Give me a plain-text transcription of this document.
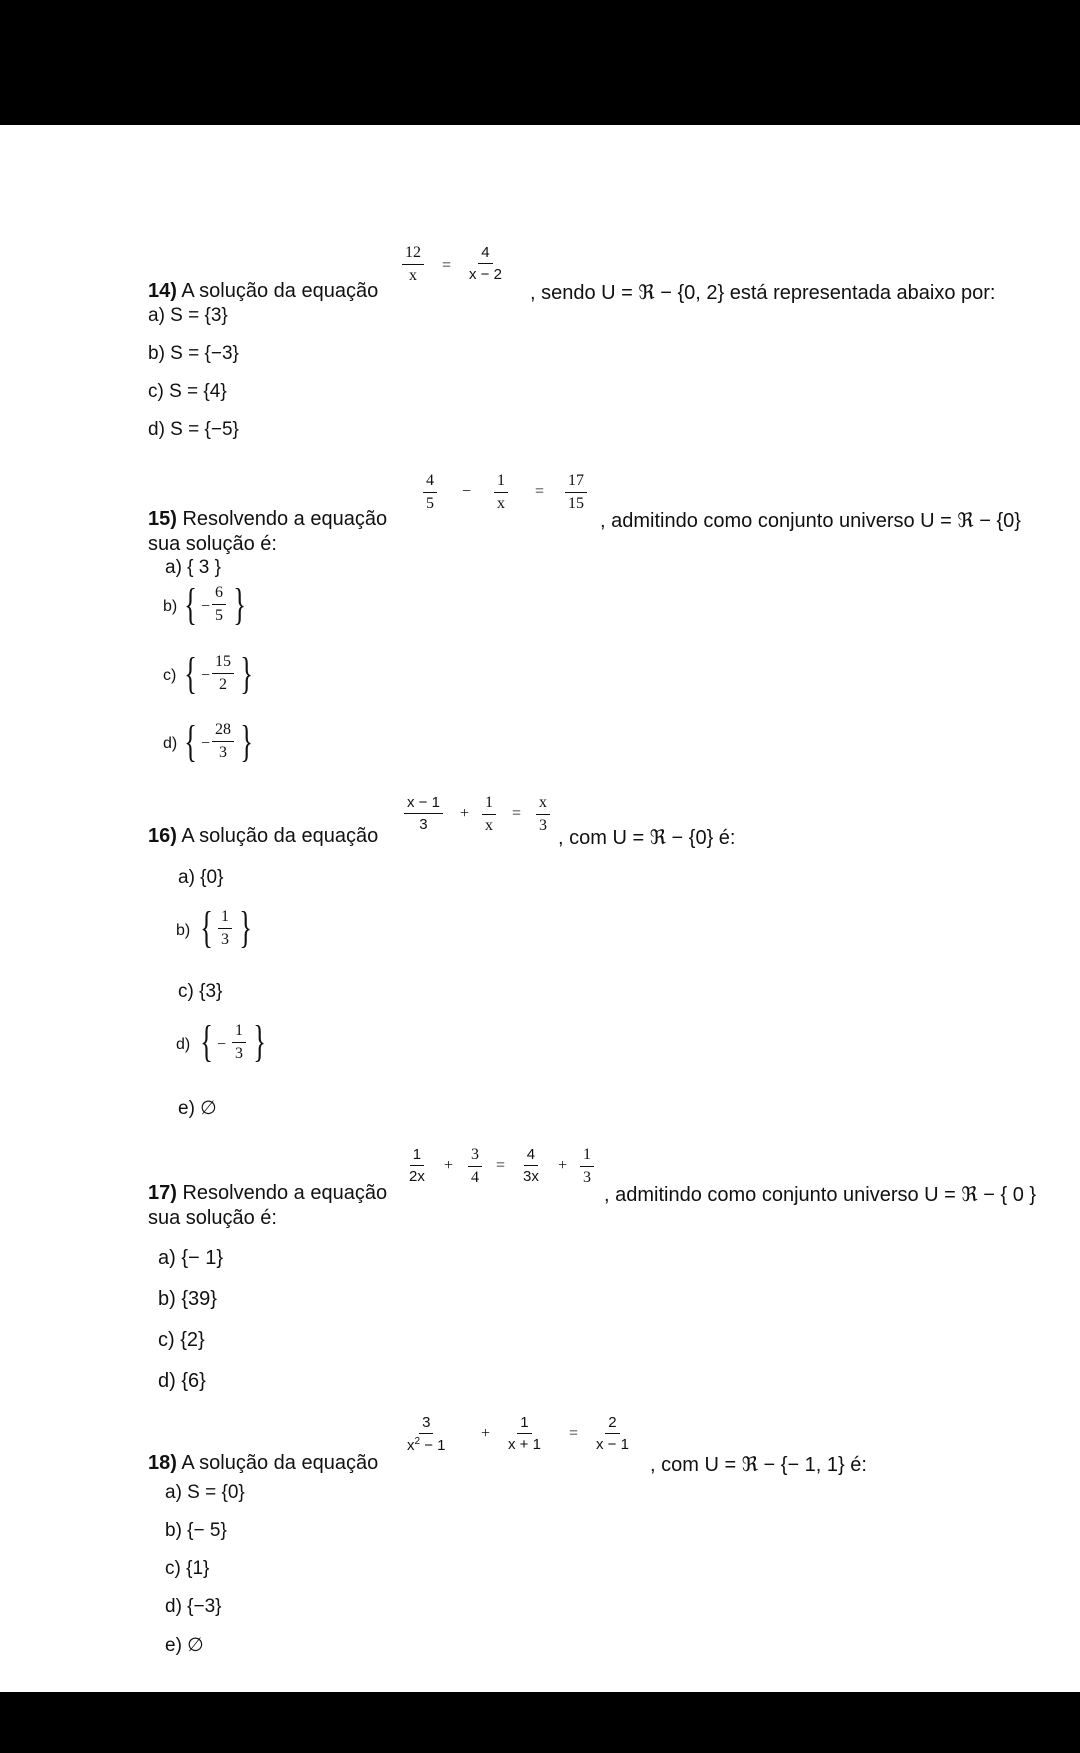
14) A solução da equação
$\frac{12}{x} = \frac{4}{x - 2}$
, sendo U = ℜ − {0, 2} está representada abaixo por:
a) S = {3}
b) S = {−3}
c) S = {4}
d) S = {−5}
15) Resolvendo a equação
$\frac{4}{5} - \frac{1}{x} = \frac{17}{15}$
, admitindo como conjunto universo U = ℜ − {0}
sua solução é:
a) { 3 }
b) { − $\frac{6}{5}$ }
c) { − $\frac{15}{2}$ }
d) { − $\frac{28}{3}$ }
16) A solução da equação
$\frac{x - 1}{3} + \frac{1}{x} = \frac{x}{3}$
, com U = ℜ − {0} é:
a) {0}
b) { $\frac{1}{3}$ }
c) {3}
d) { − $\frac{1}{3}$ }
e) ∅
17) Resolvendo a equação
$\frac{1}{2x} + \frac{3}{4} = \frac{4}{3x} + \frac{1}{3}$
, admitindo como conjunto universo U = ℜ − { 0 }
sua solução é:
a) {− 1}
b) {39}
c) {2}
d) {6}
18) A solução da equação
$\frac{3}{x^2 - 1} + \frac{1}{x + 1} = \frac{2}{x - 1}$
, com U = ℜ − {− 1, 1} é:
a) S = {0}
b) {− 5}
c) {1}
d) {−3}
e) ∅
